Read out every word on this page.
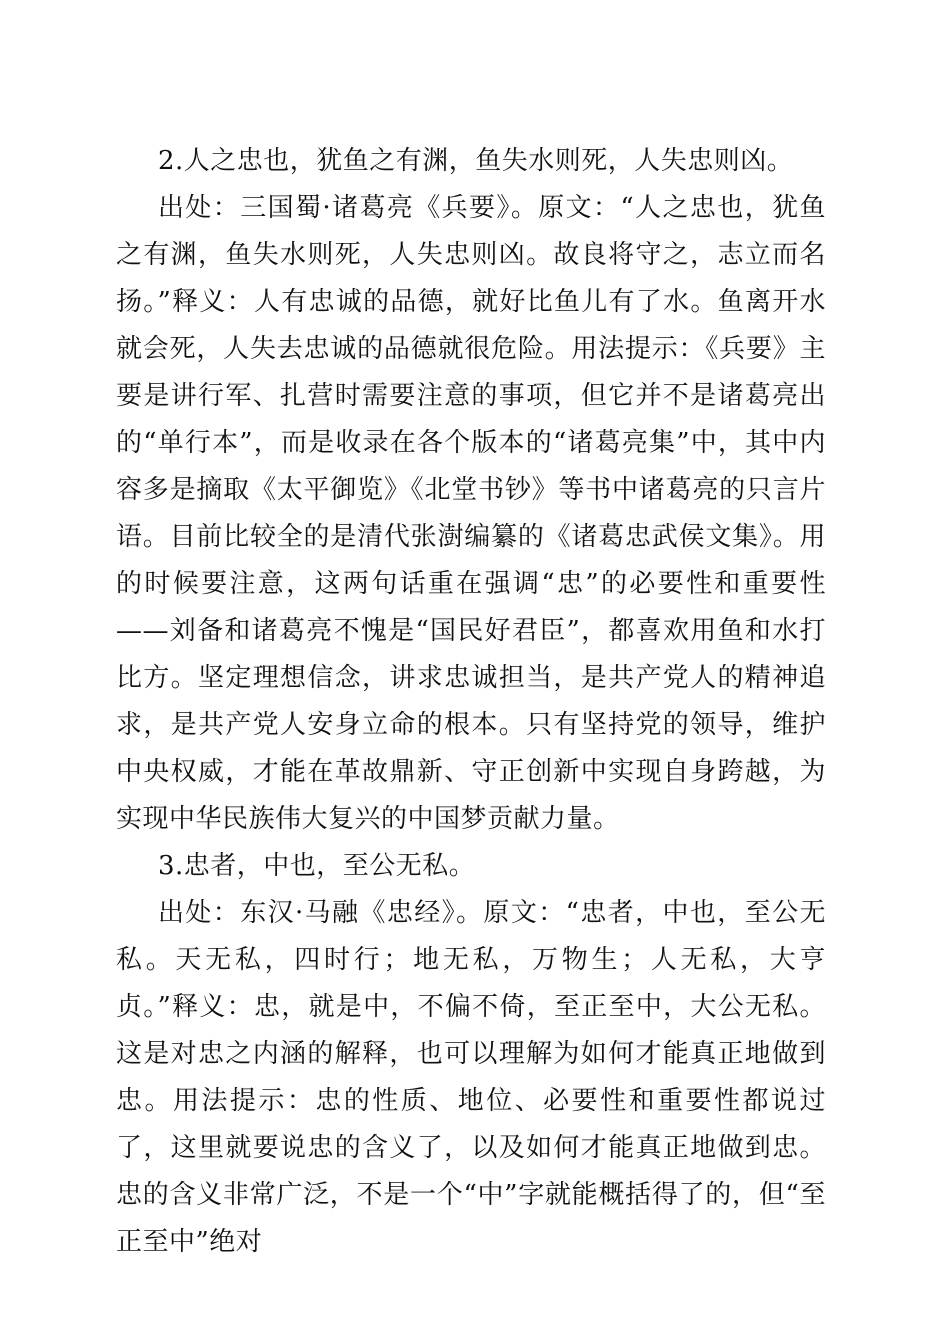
2.人之忠也，犹鱼之有渊，鱼失水则死，人失忠则凶。

出处：三国蜀·诸葛亮《兵要》。原文：“人之忠也，犹鱼之有渊，鱼失水则死，人失忠则凶。故良将守之，志立而名扬。”释义：人有忠诚的品德，就好比鱼儿有了水。鱼离开水就会死，人失去忠诚的品德就很危险。用法提示：《兵要》主要是讲行军、扎营时需要注意的事项，但它并不是诸葛亮出的“单行本”，而是收录在各个版本的“诸葛亮集”中，其中内容多是摘取《太平御览》《北堂书钞》等书中诸葛亮的只言片语。目前比较全的是清代张澍编纂的《诸葛忠武侯文集》。用的时候要注意，这两句话重在强调“忠”的必要性和重要性——刘备和诸葛亮不愧是“国民好君臣”，都喜欢用鱼和水打比方。坚定理想信念，讲求忠诚担当，是共产党人的精神追求，是共产党人安身立命的根本。只有坚持党的领导，维护中央权威，才能在革故鼎新、守正创新中实现自身跨越，为实现中华民族伟大复兴的中国梦贡献力量。

3.忠者，中也，至公无私。

出处：东汉·马融《忠经》。原文：“忠者，中也，至公无私。天无私，四时行；地无私，万物生；人无私，大亨贞。”释义：忠，就是中，不偏不倚，至正至中，大公无私。这是对忠之内涵的解释，也可以理解为如何才能真正地做到忠。用法提示：忠的性质、地位、必要性和重要性都说过了，这里就要说忠的含义了，以及如何才能真正地做到忠。忠的含义非常广泛，不是一个“中”字就能概括得了的，但“至正至中”绝对
